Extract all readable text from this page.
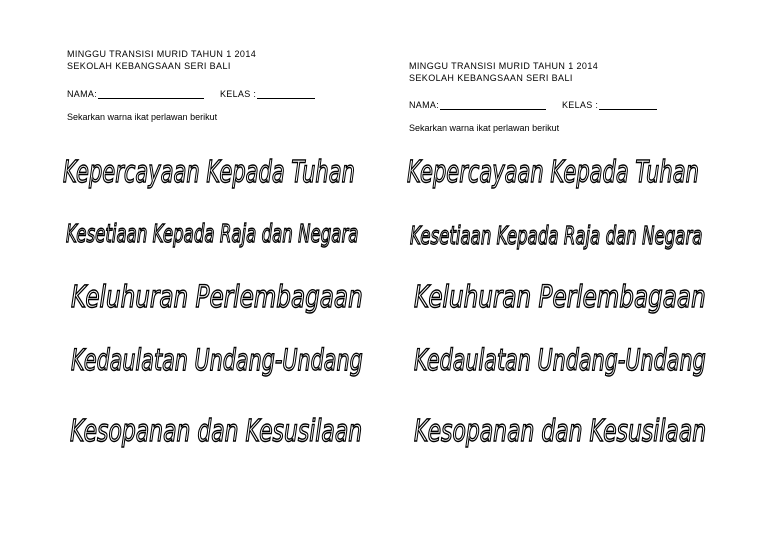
MINGGU TRANSISI MURID TAHUN 1 2014
SEKOLAH KEBANGSAAN SERI BALI
NAMA:	KELAS :
Sekarkan warna ikat perlawan berikut
Kepercayaan Kepada Tuhan
Kesetiaan Kepada Raja dan Negara
Keluhuran Perlembagaan
Kedaulatan Undang-Undang
Kesopanan dan Kesusilaan
MINGGU TRANSISI MURID TAHUN 1 2014
SEKOLAH KEBANGSAAN SERI BALI
NAMA:	KELAS :
Sekarkan warna ikat perlawan berikut
Kepercayaan Kepada Tuhan
Kesetiaan Kepada Raja dan Negara
Keluhuran Perlembagaan
Kedaulatan Undang-Undang
Kesopanan dan Kesusilaan
